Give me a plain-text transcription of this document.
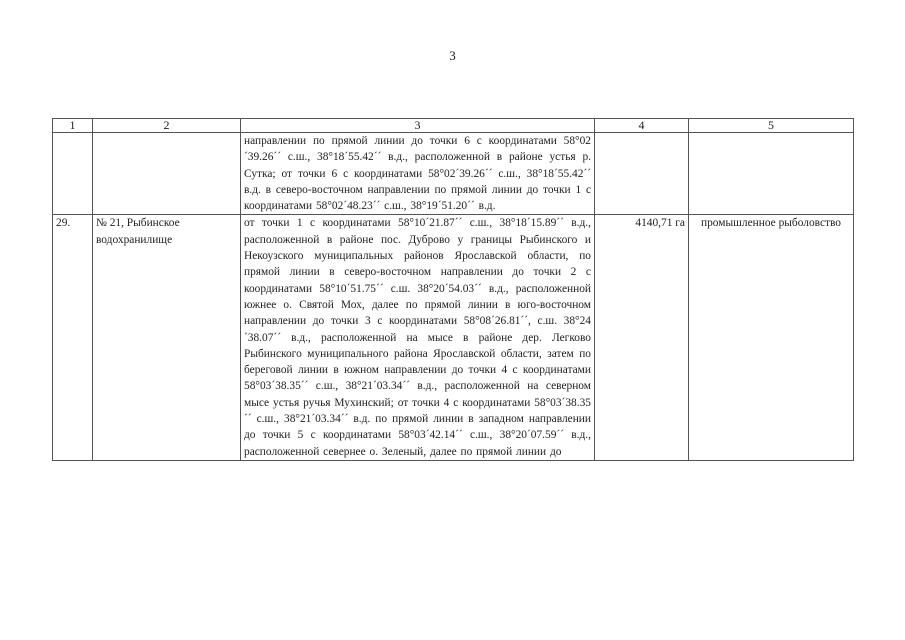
3
1	2	3	4	5
		направлении по прямой линии до точки 6 с координатами 58°02´39.26´´ с.ш., 38°18´55.42´´ в.д., расположенной в районе устья р. Сутка; от точки 6 с координатами 58°02´39.26´´ с.ш., 38°18´55.42´´ в.д. в северо-восточном направлении по прямой линии до точки 1 с координатами 58°02´48.23´´ с.ш., 38°19´51.20´´ в.д.		
29.	№ 21, Рыбинское водохранилище	от точки 1 с координатами 58°10´21.87´´ с.ш., 38°18´15.89´´ в.д., расположенной в районе пос. Дуброво у границы Рыбинского и Некоузского муниципальных районов Ярославской области, по прямой линии в северо-восточном направлении до точки 2 с координатами 58°10´51.75´´ с.ш. 38°20´54.03´´ в.д., расположенной южнее о. Святой Мох, далее по прямой линии в юго-восточном направлении до точки 3 с координатами 58°08´26.81´´, с.ш. 38°24´38.07´´ в.д., расположенной на мысе в районе дер. Легково Рыбинского муниципального района Ярославской области, затем по береговой линии в южном направлении до точки 4 с координатами 58°03´38.35´´ с.ш., 38°21´03.34´´ в.д., расположенной на северном мысе устья ручья Мухинский; от точки 4 с координатами 58°03´38.35´´ с.ш., 38°21´03.34´´ в.д. по прямой линии в западном направлении до точки 5 с координатами 58°03´42.14´´ с.ш., 38°20´07.59´´ в.д., расположенной севернее о. Зеленый, далее по прямой линии до	4140,71 га	промышленное рыболовство
